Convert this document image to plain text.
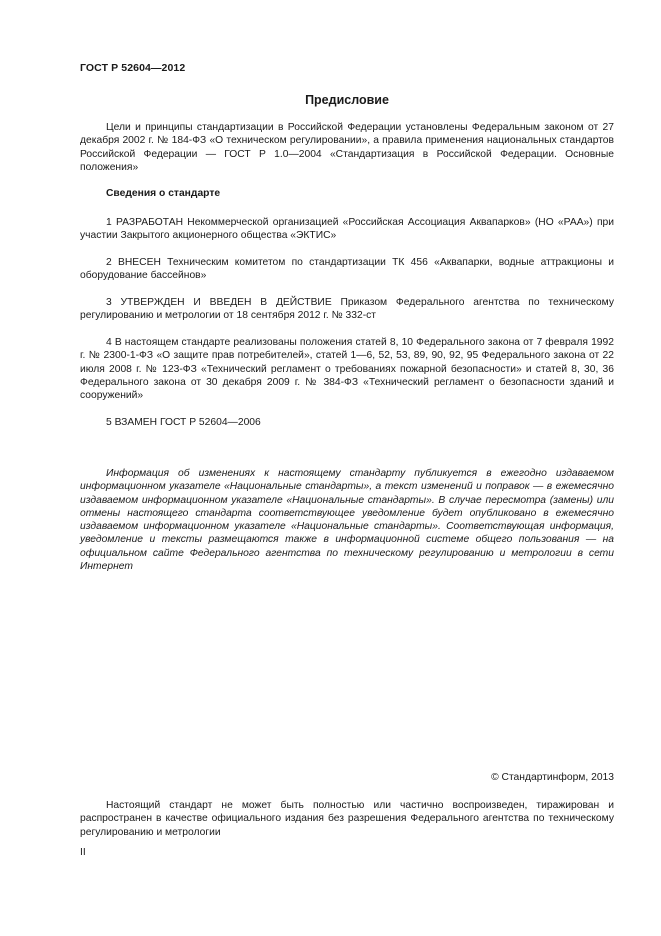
ГОСТ Р 52604—2012
Предисловие
Цели и принципы стандартизации в Российской Федерации установлены Федеральным законом от 27 декабря 2002 г. № 184-ФЗ «О техническом регулировании», а правила применения национальных стандартов Российской Федерации — ГОСТ Р 1.0—2004 «Стандартизация в Российской Федерации. Основные положения»
Сведения о стандарте
1 РАЗРАБОТАН Некоммерческой организацией «Российская Ассоциация Аквапарков» (НО «РАА») при участии Закрытого акционерного общества «ЭКТИС»
2 ВНЕСЕН Техническим комитетом по стандартизации ТК 456 «Аквапарки, водные аттракционы и оборудование бассейнов»
3 УТВЕРЖДЕН И ВВЕДЕН В ДЕЙСТВИЕ Приказом Федерального агентства по техническому регулированию и метрологии от 18 сентября 2012 г. № 332-ст
4 В настоящем стандарте реализованы положения статей 8, 10 Федерального закона от 7 февраля 1992 г. № 2300-1-ФЗ «О защите прав потребителей», статей 1—6, 52, 53, 89, 90, 92, 95 Федерального закона от 22 июля 2008 г. № 123-ФЗ «Технический регламент о требованиях пожарной безопасности» и статей 8, 30, 36 Федерального закона от 30 декабря 2009 г. № 384-ФЗ «Технический регламент о безопасности зданий и сооружений»
5 ВЗАМЕН ГОСТ Р 52604—2006
Информация об изменениях к настоящему стандарту публикуется в ежегодно издаваемом информационном указателе «Национальные стандарты», а текст изменений и поправок — в ежемесячно издаваемом информационном указателе «Национальные стандарты». В случае пересмотра (замены) или отмены настоящего стандарта соответствующее уведомление будет опубликовано в ежемесячно издаваемом информационном указателе «Национальные стандарты». Соответствующая информация, уведомление и тексты размещаются также в информационной системе общего пользования — на официальном сайте Федерального агентства по техническому регулированию и метрологии в сети Интернет
© Стандартинформ, 2013
Настоящий стандарт не может быть полностью или частично воспроизведен, тиражирован и распространен в качестве официального издания без разрешения Федерального агентства по техническому регулированию и метрологии
II
